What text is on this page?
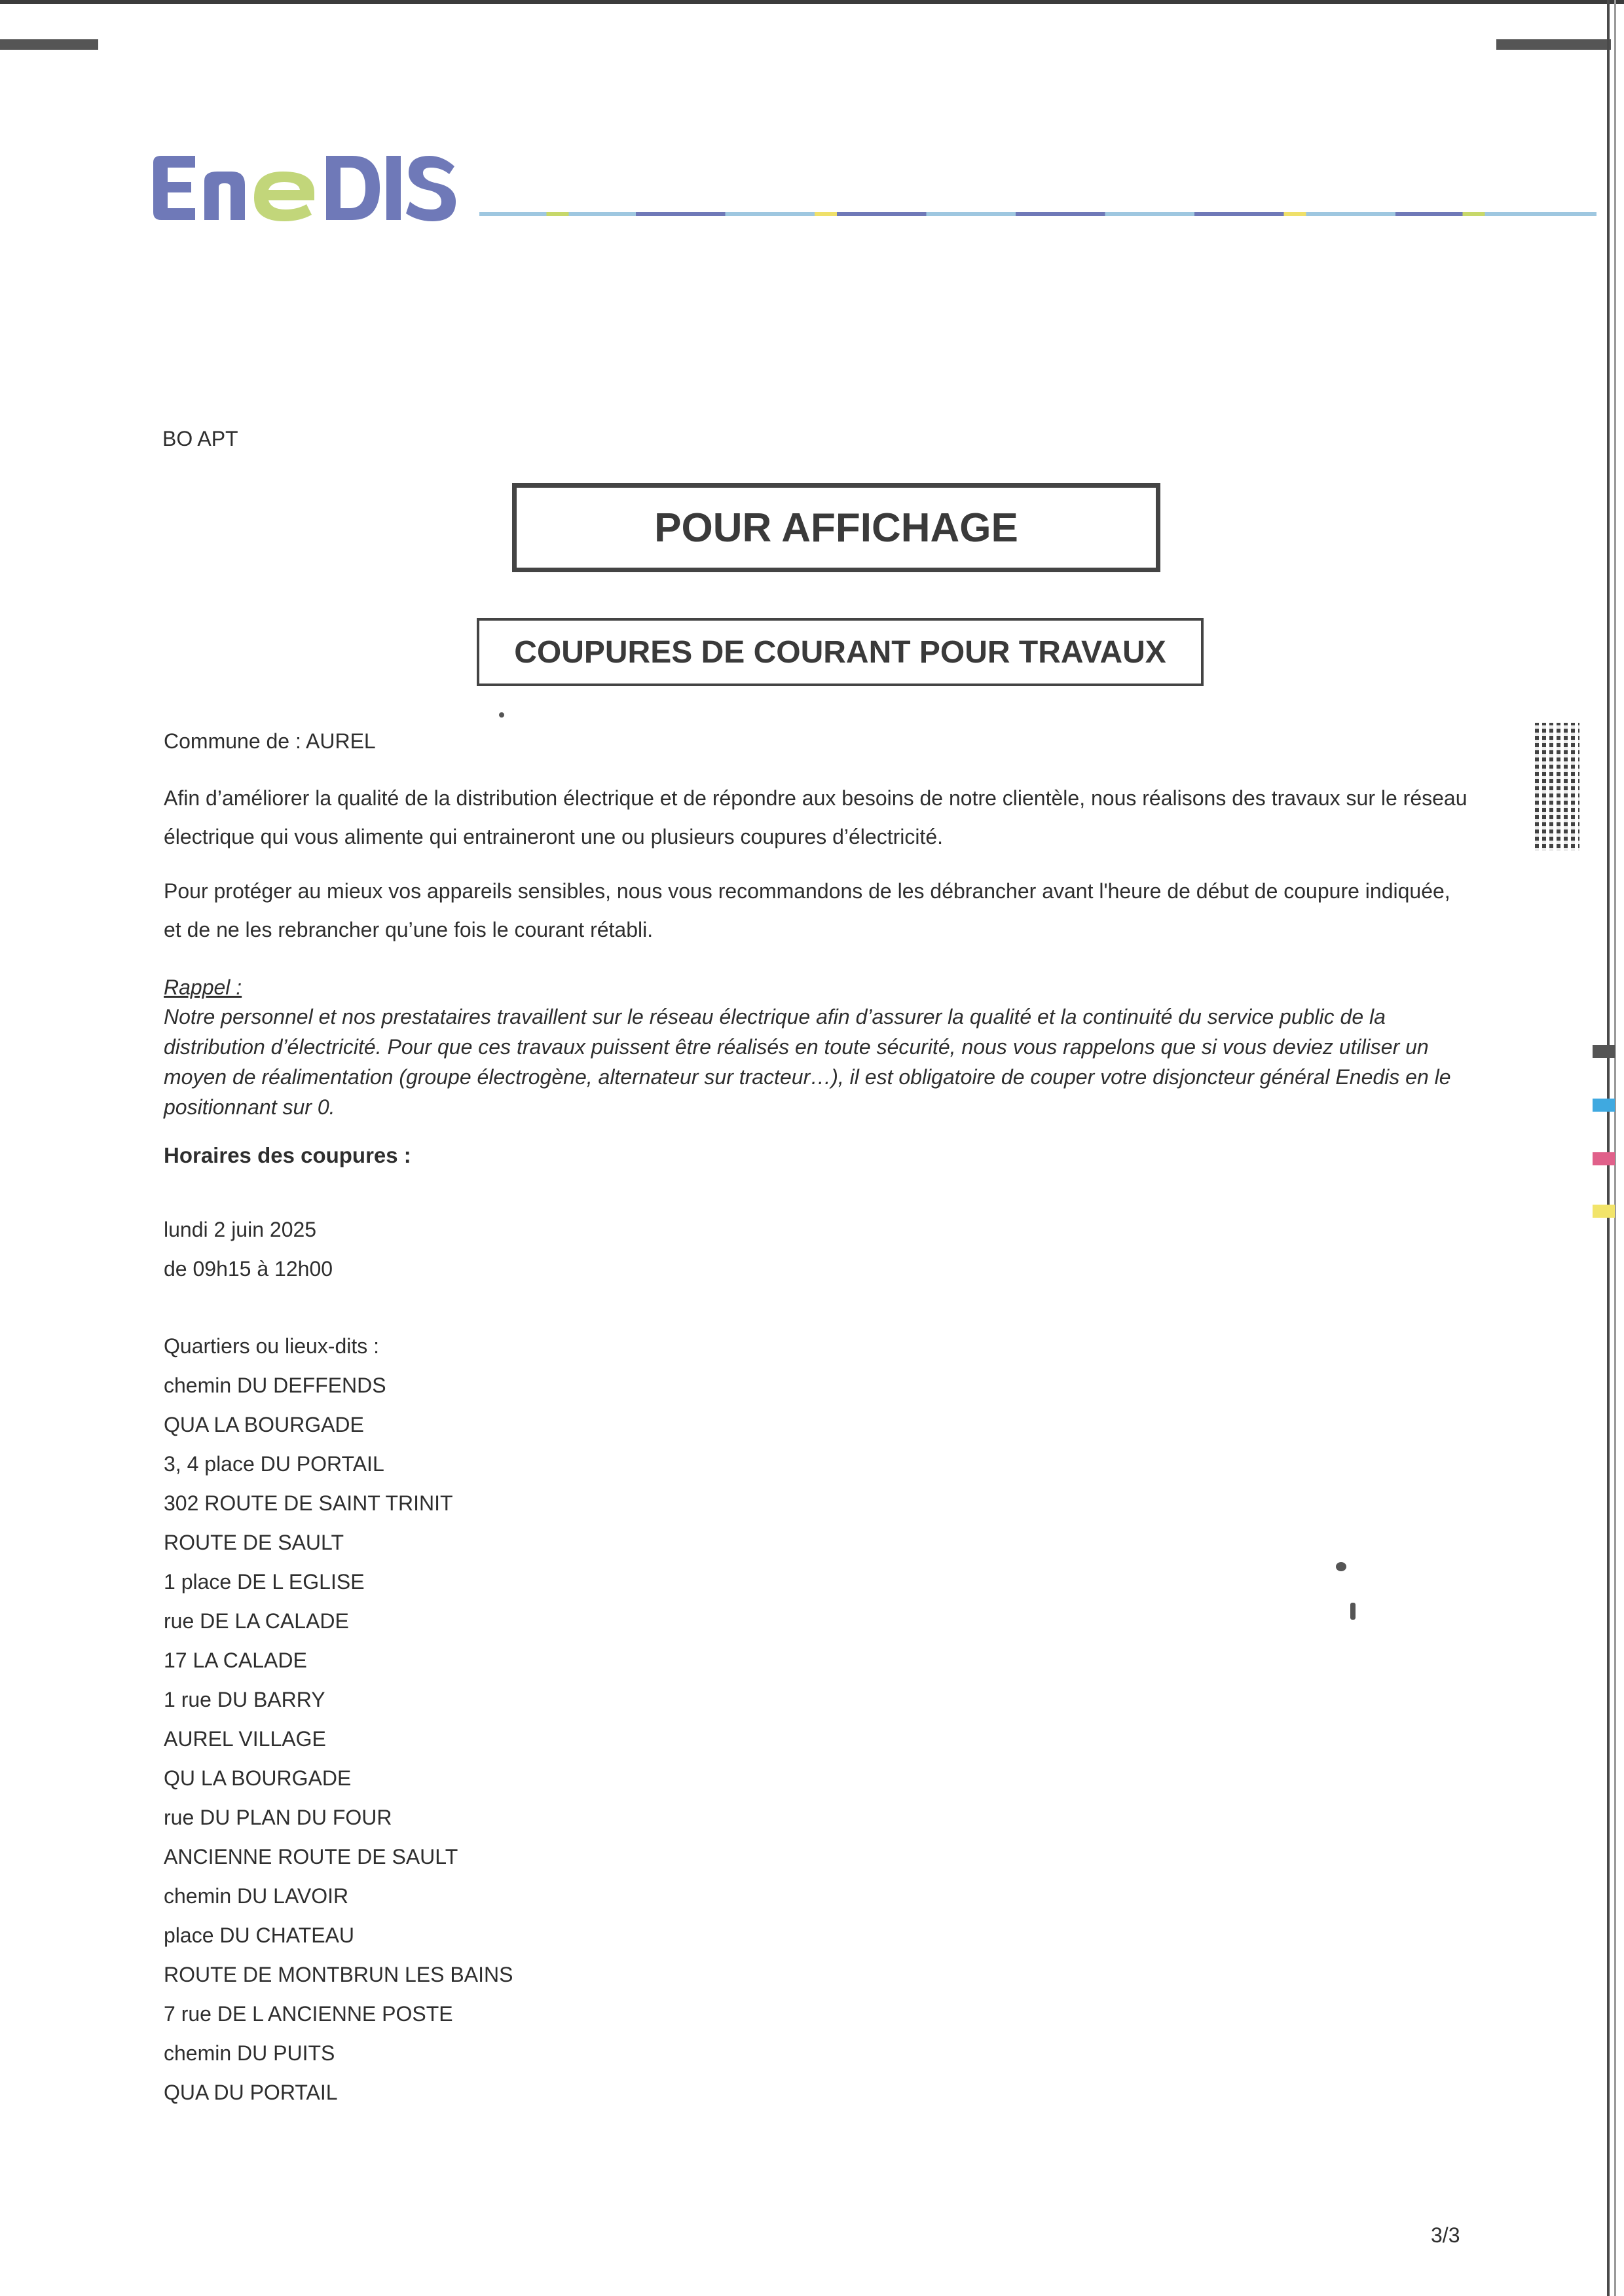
BO APT
POUR AFFICHAGE
COUPURES DE COURANT POUR TRAVAUX
Commune de : AUREL
Afin d’améliorer la qualité de la distribution électrique et de répondre aux besoins de notre clientèle, nous réalisons des travaux sur le réseau électrique qui vous alimente qui entraineront une ou plusieurs coupures d’électricité.
Pour protéger au mieux vos appareils sensibles, nous vous recommandons de les débrancher avant l'heure de début de coupure indiquée, et de ne les rebrancher qu’une fois le courant rétabli.
Rappel :
Notre personnel et nos prestataires travaillent sur le réseau électrique afin d’assurer la qualité et la continuité du service public de la distribution d’électricité. Pour que ces travaux puissent être réalisés en toute sécurité, nous vous rappelons que si vous deviez utiliser un moyen de réalimentation (groupe électrogène, alternateur sur tracteur…), il est obligatoire de couper votre disjoncteur général Enedis en le positionnant sur 0.
Horaires des coupures :
lundi 2 juin 2025
de 09h15 à 12h00
Quartiers ou lieux-dits :
chemin DU DEFFENDS
QUA LA BOURGADE
3, 4 place DU PORTAIL
302 ROUTE DE SAINT TRINIT
ROUTE DE SAULT
1 place DE L EGLISE
rue DE LA CALADE
17 LA CALADE
1 rue DU BARRY
AUREL VILLAGE
QU LA BOURGADE
rue DU PLAN DU FOUR
ANCIENNE ROUTE DE SAULT
chemin DU LAVOIR
place DU CHATEAU
ROUTE DE MONTBRUN LES BAINS
7 rue DE L ANCIENNE POSTE
chemin DU PUITS
QUA DU PORTAIL
3/3
